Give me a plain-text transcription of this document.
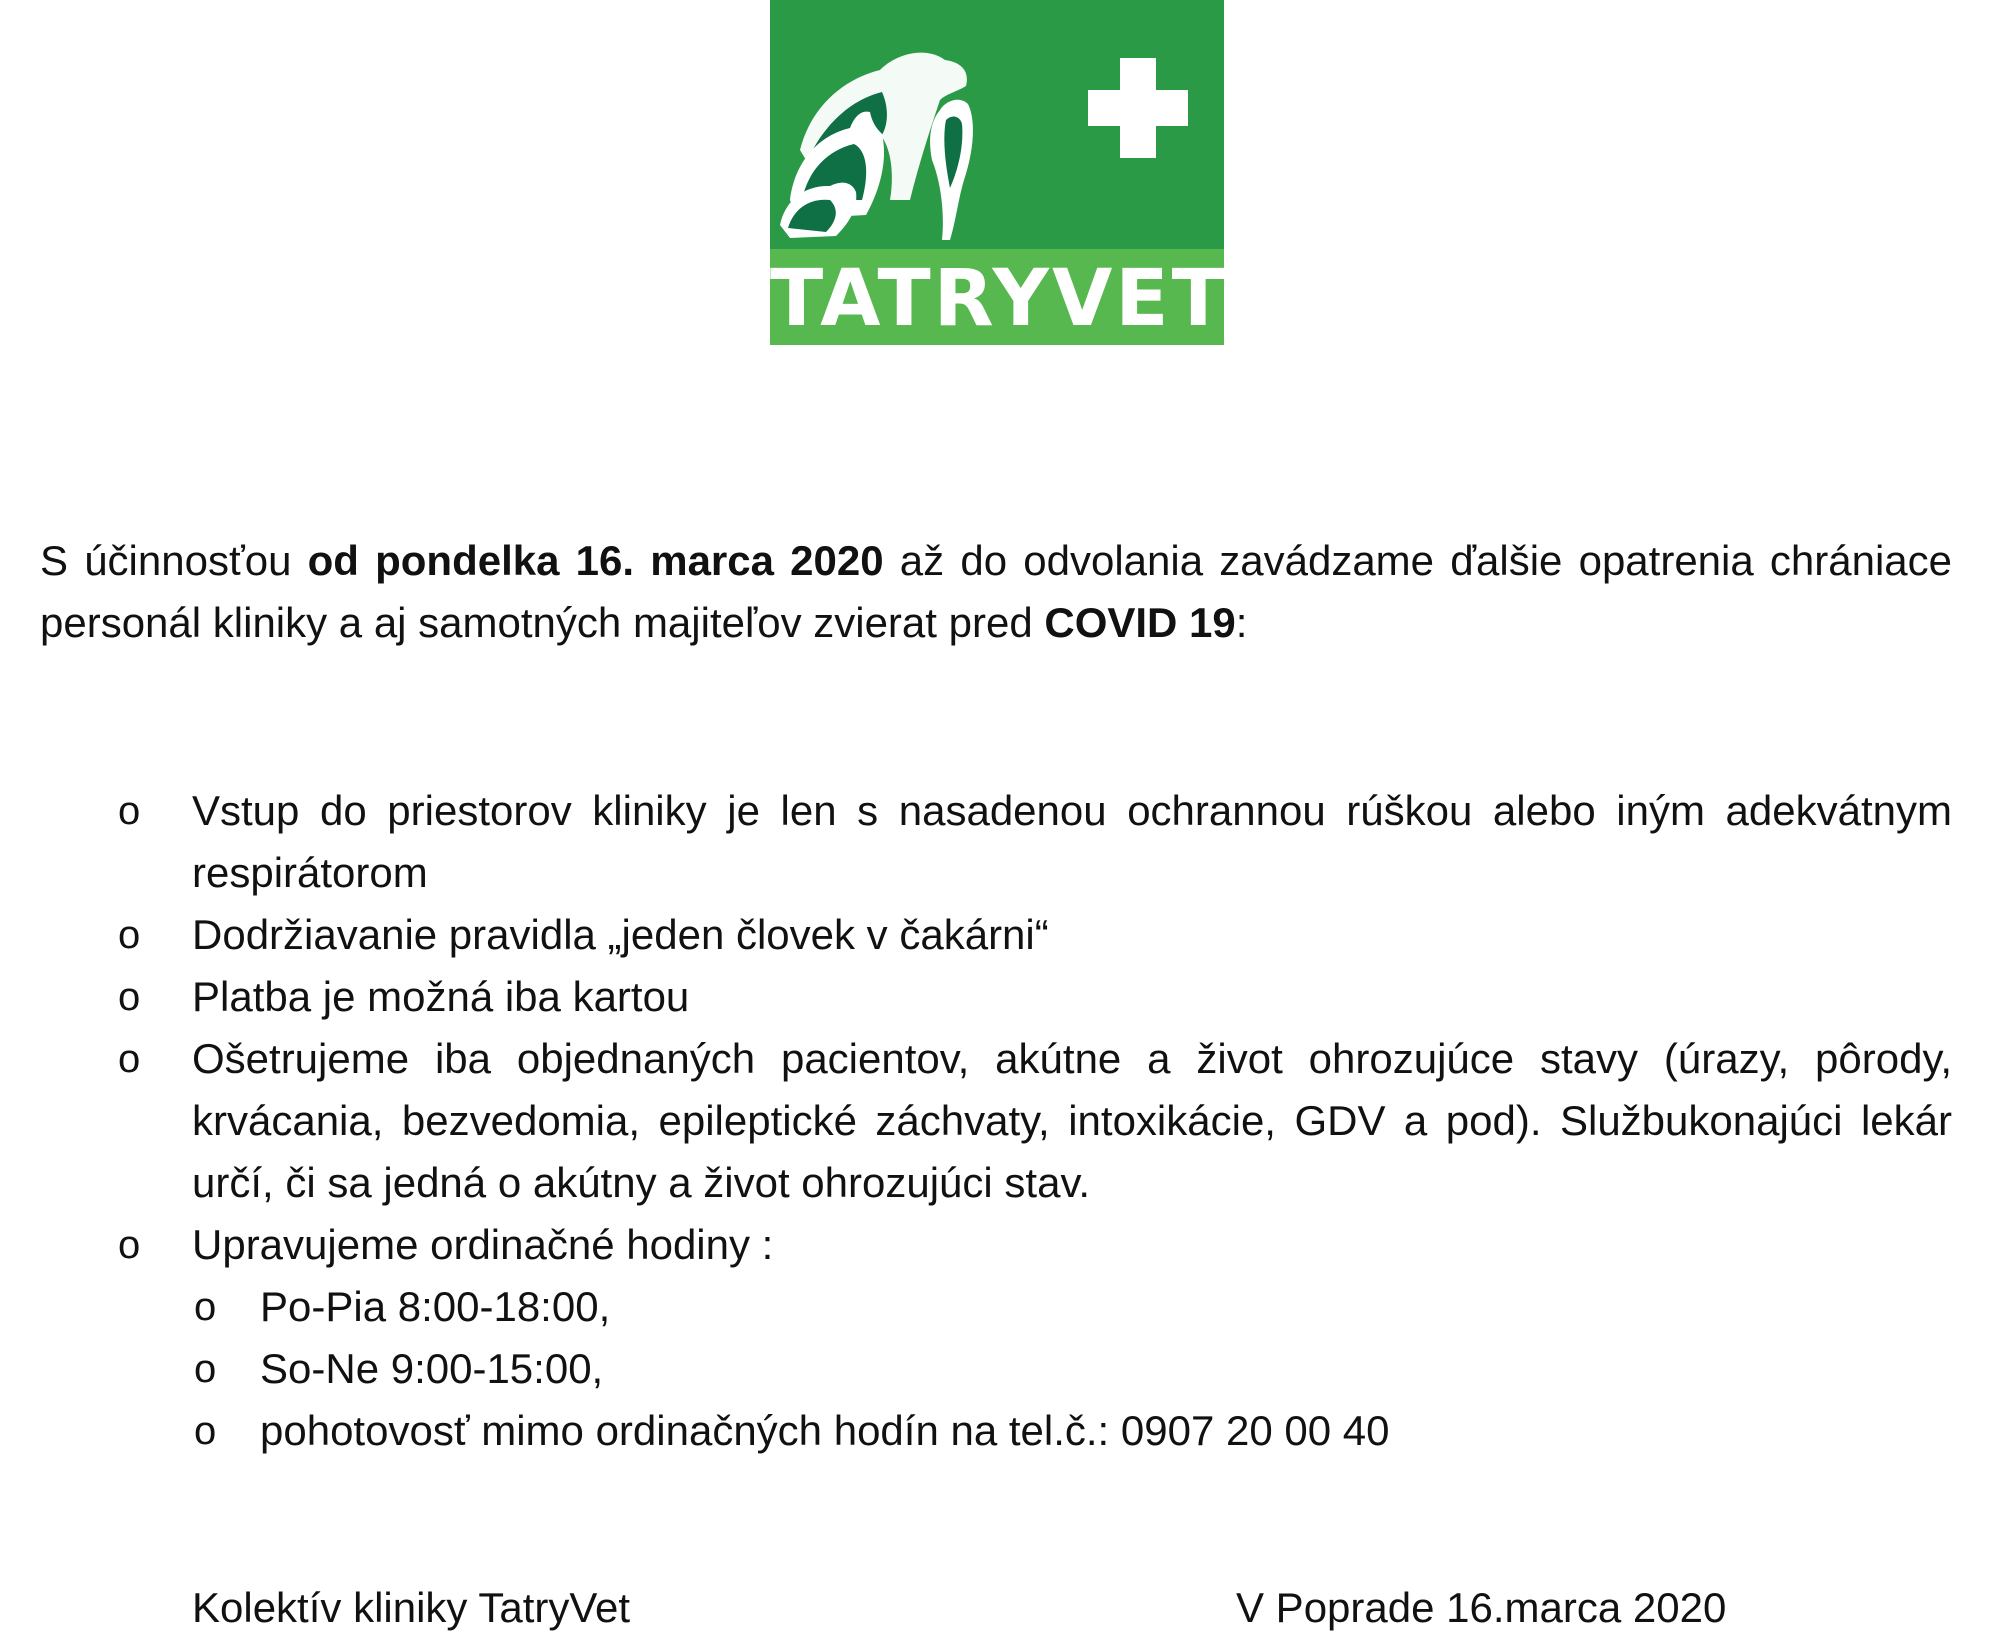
TATRYVET
S účinnosťou od pondelka 16. marca 2020 až do odvolania zavádzame ďalšie opatrenia chrániace personál kliniky a aj samotných majiteľov zvierat pred COVID 19:
o Vstup do priestorov kliniky je len s nasadenou ochrannou rúškou alebo iným adekvátnym respirátorom
o Dodržiavanie pravidla „jeden človek v čakárni“
o Platba je možná iba kartou
o Ošetrujeme iba objednaných pacientov, akútne a život ohrozujúce stavy (úrazy, pôrody, krvácania, bezvedomia, epileptické záchvaty, intoxikácie, GDV a pod). Službukonajúci lekár určí, či sa jedná o akútny a život ohrozujúci stav.
o Upravujeme ordinačné hodiny :
o Po-Pia 8:00-18:00,
o So-Ne 9:00-15:00,
o pohotovosť mimo ordinačných hodín na tel.č.: 0907 20 00 40
Kolektív kliniky TatryVet	V Poprade 16.marca 2020
